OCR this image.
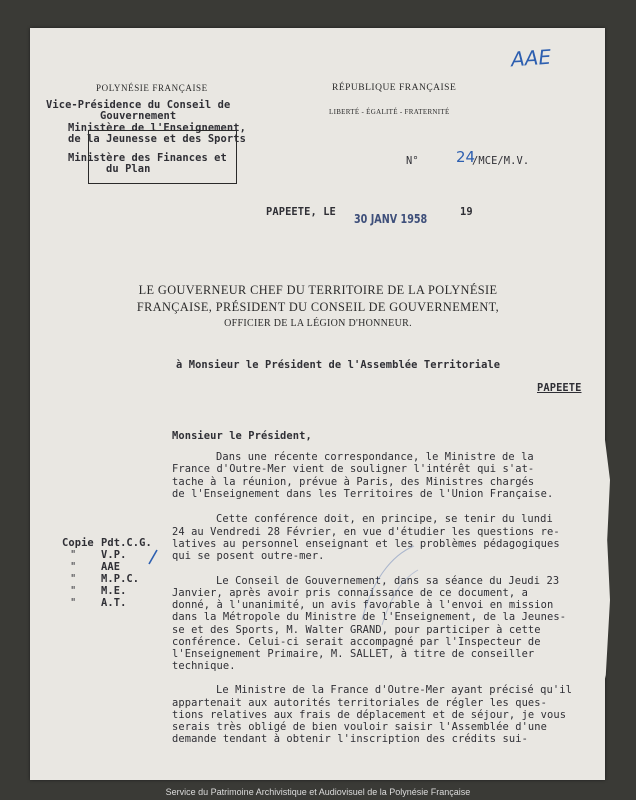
AAE
POLYNÉSIE FRANÇAISE
Vice-Présidence du Conseil de
Gouvernement
Ministère de l'Enseignement,
de la Jeunesse et des Sports
Ministère des Finances et
du Plan
RÉPUBLIQUE FRANÇAISE
LIBERTÉ - ÉGALITÉ - FRATERNITÉ
N° 24
/MCE/M.V.
PAPEETE, LE 30 JANV 1958	19
LE GOUVERNEUR CHEF DU TERRITOIRE DE LA POLYNÉSIE
FRANÇAISE, PRÉSIDENT DU CONSEIL DE GOUVERNEMENT,
OFFICIER DE LA LÉGION D'HONNEUR.
à Monsieur le Président de l'Assemblée Territoriale
PAPEETE
Monsieur le Président,
Dans une récente correspondance, le Ministre de la
France d'Outre-Mer vient de souligner l'intérêt qui s'at-
tache à la réunion, prévue à Paris, des Ministres chargés
de l'Enseignement dans les Territoires de l'Union Française.
Cette conférence doit, en principe, se tenir du lundi
24 au Vendredi 28 Février, en vue d'étudier les questions re-
latives au personnel enseignant et les problèmes pédagogiques
qui se posent outre-mer.
Copie Pdt.C.G.
" V.P.
" AAE
" M.P.C.
" M.E.
" A.T.
Le Conseil de Gouvernement, dans sa séance du Jeudi 23
Janvier, après avoir pris connaissance de ce document, a
donné, à l'unanimité, un avis favorable à l'envoi en mission
dans la Métropole du Ministre de l'Enseignement, de la Jeunes-
se et des Sports, M. Walter GRAND, pour participer à cette
conférence. Celui-ci serait accompagné par l'Inspecteur de
l'Enseignement Primaire, M. SALLET, à titre de conseiller
technique.
Le Ministre de la France d'Outre-Mer ayant précisé qu'il
appartenait aux autorités territoriales de régler les ques-
tions relatives aux frais de déplacement et de séjour, je vous
serais très obligé de bien vouloir saisir l'Assemblée d'une
demande tendant à obtenir l'inscription des crédits sui-
Service du Patrimoine Archivistique et Audiovisuel de la Polynésie Française
